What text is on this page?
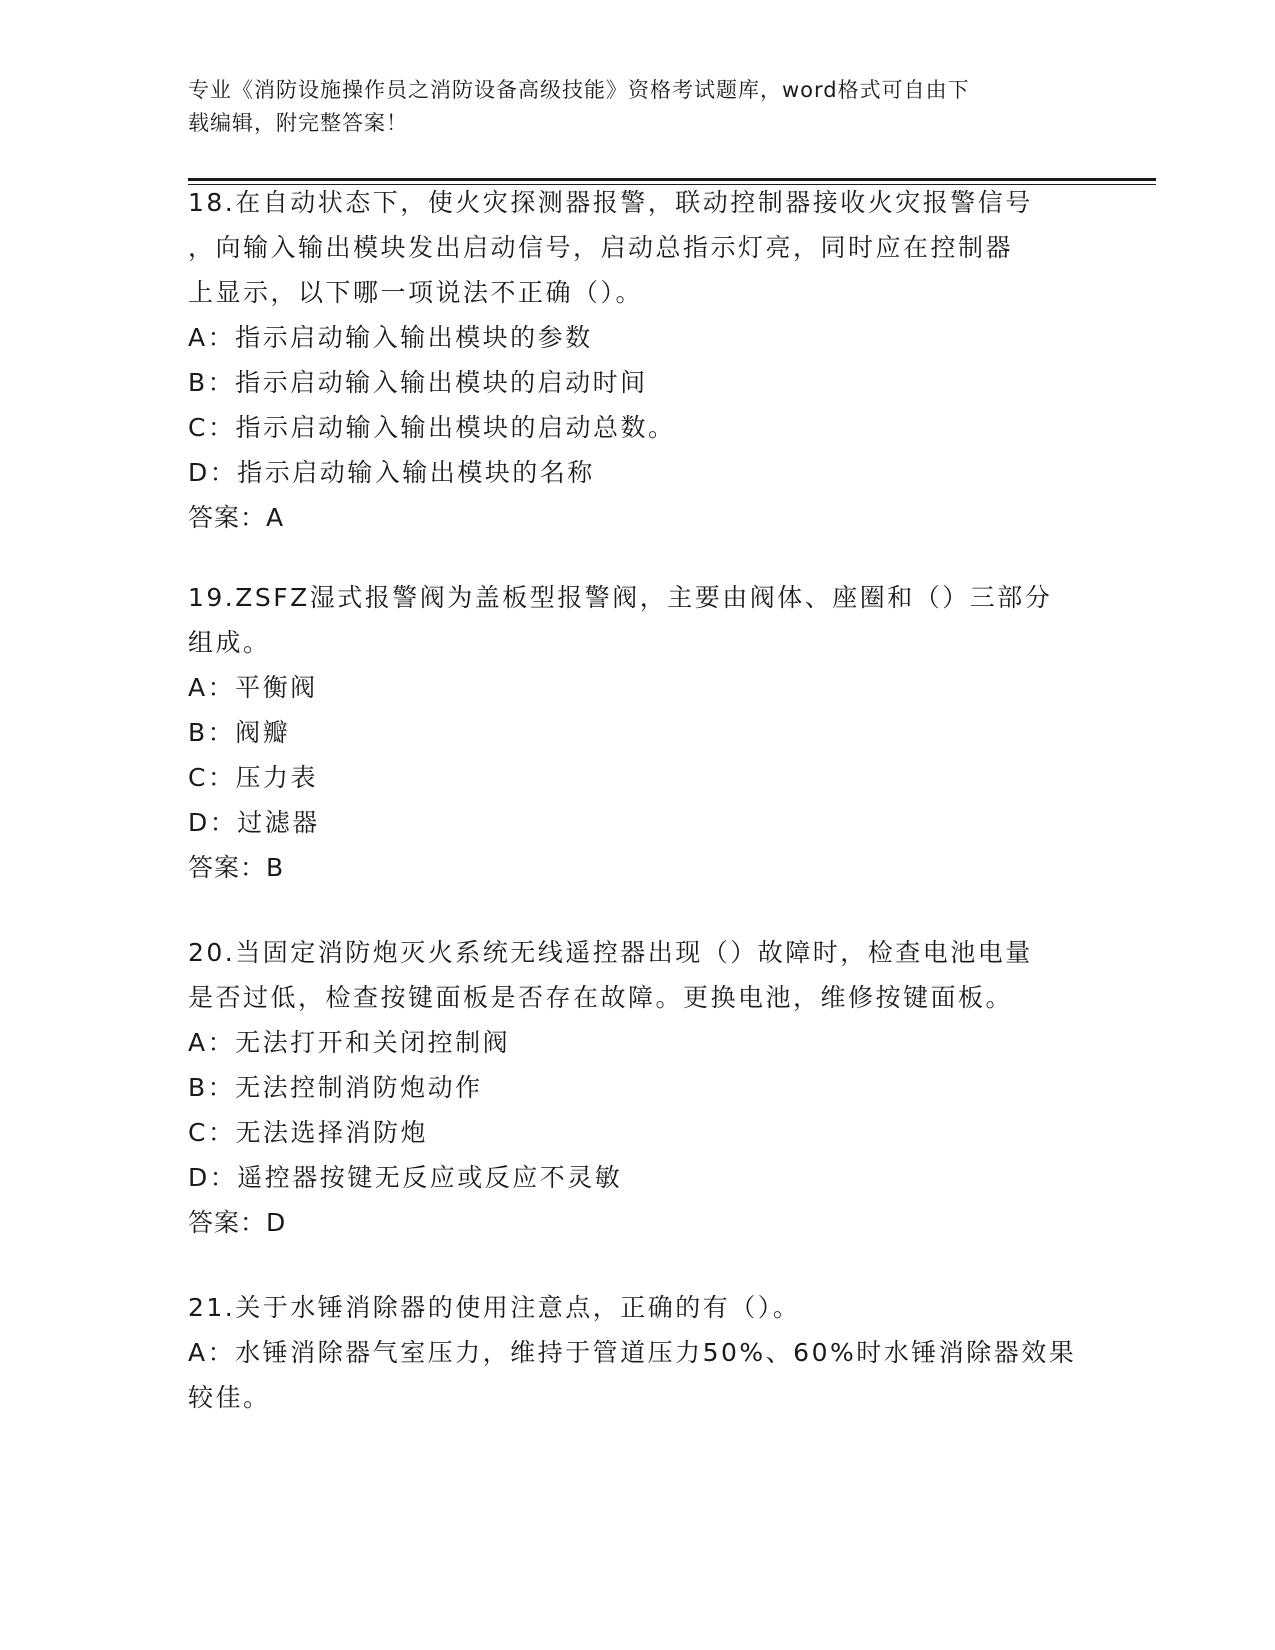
专业《消防设施操作员之消防设备高级技能》资格考试题库，word格式可自由下
载编辑，附完整答案！
18.在自动状态下，使火灾探测器报警，联动控制器接收火灾报警信号
，向输入输出模块发出启动信号，启动总指示灯亮，同时应在控制器
上显示，以下哪一项说法不正确（）。
A：指示启动输入输出模块的参数
B：指示启动输入输出模块的启动时间
C：指示启动输入输出模块的启动总数。
D：指示启动输入输出模块的名称
答案：A
19.ZSFZ湿式报警阀为盖板型报警阀，主要由阀体、座圈和（）三部分
组成。
A：平衡阀
B：阀瓣
C：压力表
D：过滤器
答案：B
20.当固定消防炮灭火系统无线遥控器出现（）故障时，检查电池电量
是否过低，检查按键面板是否存在故障。更换电池，维修按键面板。
A：无法打开和关闭控制阀
B：无法控制消防炮动作
C：无法选择消防炮
D：遥控器按键无反应或反应不灵敏
答案：D
21.关于水锤消除器的使用注意点，正确的有（）。
A：水锤消除器气室压力，维持于管道压力50%、60%时水锤消除器效果
较佳。
